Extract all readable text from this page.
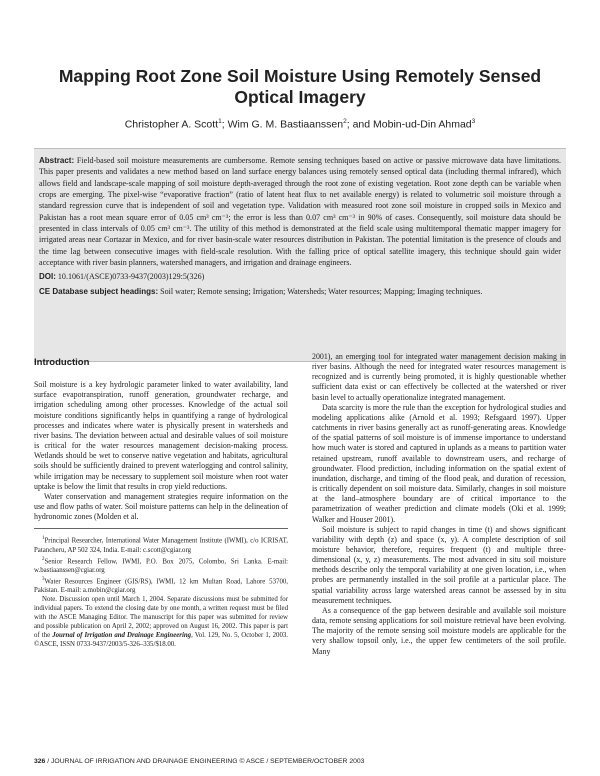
Mapping Root Zone Soil Moisture Using Remotely Sensed
Optical Imagery
Christopher A. Scott$^1$; Wim G. M. Bastiaanssen$^2$; and Mobin-ud-Din Ahmad$^3$
Abstract: Field-based soil moisture measurements are cumbersome. Remote sensing techniques based on active or passive microwave data have limitations. This paper presents and validates a new method based on land surface energy balances using remotely sensed optical data (including thermal infrared), which allows field and landscape-scale mapping of soil moisture depth-averaged through the root zone of existing vegetation. Root zone depth can be variable when crops are emerging. The pixel-wise “evaporative fraction” (ratio of latent heat flux to net available energy) is related to volumetric soil moisture through a standard regression curve that is independent of soil and vegetation type. Validation with measured root zone soil moisture in cropped soils in Mexico and Pakistan has a root mean square error of 0.05 cm³ cm⁻³; the error is less than 0.07 cm³ cm⁻³ in 90% of cases. Consequently, soil moisture data should be presented in class intervals of 0.05 cm³ cm⁻³. The utility of this method is demonstrated at the field scale using multitemporal thematic mapper imagery for irrigated areas near Cortazar in Mexico, and for river basin-scale water resources distribution in Pakistan. The potential limitation is the presence of clouds and the time lag between consecutive images with field-scale resolution. With the falling price of optical satellite imagery, this technique should gain wider acceptance with river basin planners, watershed managers, and irrigation and drainage engineers.
DOI: 10.1061/(ASCE)0733-9437(2003)129:5(326)
CE Database subject headings: Soil water; Remote sensing; Irrigation; Watersheds; Water resources; Mapping; Imaging techniques.
Introduction

Soil moisture is a key hydrologic parameter linked to water availability, land surface evapotranspiration, runoff generation, groundwater recharge, and irrigation scheduling among other processes. Knowledge of the actual soil moisture conditions significantly helps in quantifying a range of hydrological processes and indicates where water is physically present in watersheds and river basins. The deviation between actual and desirable values of soil moisture is critical for the water resources management decision-making process. Wetlands should be wet to conserve native vegetation and habitats, agricultural soils should be sufficiently drained to prevent waterlogging and control salinity, while irrigation may be necessary to supplement soil moisture when root water uptake is below the limit that results in crop yield reductions.

Water conservation and management strategies require information on the use and flow paths of water. Soil moisture patterns can help in the delineation of hydronomic zones (Molden et al.

$^1$Principal Researcher, International Water Management Institute (IWMI), c/o ICRISAT, Patancheru, AP 502 324, India. E-mail: c.scott@cgiar.org

$^2$Senior Research Fellow, IWMI, P.O. Box 2075, Colombo, Sri Lanka. E-mail: w.bastiaanssen@cgiar.org

$^3$Water Resources Engineer (GIS/RS), IWMI, 12 km Multan Road, Lahore 53700, Pakistan. E-mail: a.mobin@cgiar.org

Note. Discussion open until March 1, 2004. Separate discussions must be submitted for individual papers. To extend the closing date by one month, a written request must be filed with the ASCE Managing Editor. The manuscript for this paper was submitted for review and possible publication on April 2, 2002; approved on August 16, 2002. This paper is part of the Journal of Irrigation and Drainage Engineering, Vol. 129, No. 5, October 1, 2003. ©ASCE, ISSN 0733-9437/2003/5-326–335/$18.00.

2001), an emerging tool for integrated water management decision making in river basins. Although the need for integrated water resources management is recognized and is currently being promoted, it is highly questionable whether sufficient data exist or can effectively be collected at the watershed or river basin level to actually operationalize integrated management.

Data scarcity is more the rule than the exception for hydrological studies and modeling applications alike (Arnold et al. 1993; Refsgaard 1997). Upper catchments in river basins generally act as runoff-generating areas. Knowledge of the spatial patterns of soil moisture is of immense importance to understand how much water is stored and captured in uplands as a means to partition water retained upstream, runoff available to downstream users, and recharge of groundwater. Flood prediction, including information on the spatial extent of inundation, discharge, and timing of the flood peak, and duration of recession, is critically dependent on soil moisture data. Similarly, changes in soil moisture at the land–atmosphere boundary are of critical importance to the parametrization of weather prediction and climate models (Oki et al. 1999; Walker and Houser 2001).

Soil moisture is subject to rapid changes in time (t) and shows significant variability with depth (z) and space (x, y). A complete description of soil moisture behavior, therefore, requires frequent (t) and multiple three-dimensional (x, y, z) measurements. The most advanced in situ soil moisture methods describe only the temporal variability at one given location, i.e., when probes are permanently installed in the soil profile at a particular place. The spatial variability across large watershed areas cannot be assessed by in situ measurement techniques.

As a consequence of the gap between desirable and available soil moisture data, remote sensing applications for soil moisture retrieval have been evolving. The majority of the remote sensing soil moisture models are applicable for the very shallow topsoil only, i.e., the upper few centimeters of the soil profile. Many

326 / JOURNAL OF IRRIGATION AND DRAINAGE ENGINEERING © ASCE / SEPTEMBER/OCTOBER 2003
